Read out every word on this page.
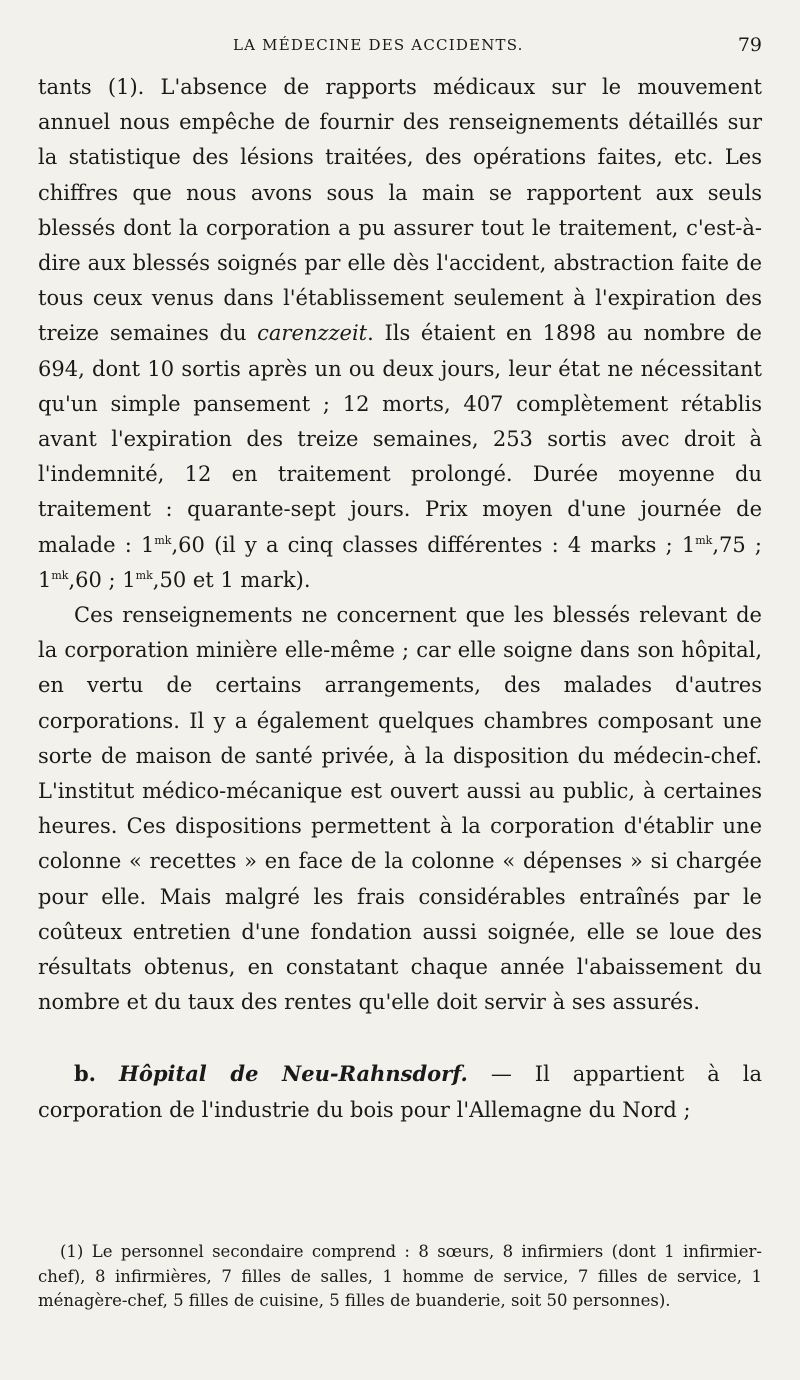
LA MÉDECINE DES ACCIDENTS.	79

tants (1). L'absence de rapports médicaux sur le mouvement annuel nous empêche de fournir des renseignements détaillés sur la statistique des lésions traitées, des opérations faites, etc. Les chiffres que nous avons sous la main se rapportent aux seuls blessés dont la corporation a pu assurer tout le traitement, c'est-à-dire aux blessés soignés par elle dès l'accident, abstraction faite de tous ceux venus dans l'établissement seulement à l'expiration des treize semaines du carenzzeit. Ils étaient en 1898 au nombre de 694, dont 10 sortis après un ou deux jours, leur état ne nécessitant qu'un simple pansement ; 12 morts, 407 complètement rétablis avant l'expiration des treize semaines, 253 sortis avec droit à l'indemnité, 12 en traitement prolongé. Durée moyenne du traitement : quarante-sept jours. Prix moyen d'une journée de malade : $1^{mk},60$ (il y a cinq classes différentes : 4 marks ; $1^{mk},75$ ; $1^{mk},60$ ; $1^{mk},50$ et 1 mark).

Ces renseignements ne concernent que les blessés relevant de la corporation minière elle-même ; car elle soigne dans son hôpital, en vertu de certains arrangements, des malades d'autres corporations. Il y a également quelques chambres composant une sorte de maison de santé privée, à la disposition du médecin-chef. L'institut médico-mécanique est ouvert aussi au public, à certaines heures. Ces dispositions permettent à la corporation d'établir une colonne « recettes » en face de la colonne « dépenses » si chargée pour elle. Mais malgré les frais considérables entraînés par le coûteux entretien d'une fondation aussi soignée, elle se loue des résultats obtenus, en constatant chaque année l'abaissement du nombre et du taux des rentes qu'elle doit servir à ses assurés.

b. Hôpital de Neu-Rahnsdorf. — Il appartient à la corporation de l'industrie du bois pour l'Allemagne du Nord ;

(1) Le personnel secondaire comprend : 8 sœurs, 8 infirmiers (dont 1 infirmier-chef), 8 infirmières, 7 filles de salles, 1 homme de service, 7 filles de service, 1 ménagère-chef, 5 filles de cuisine, 5 filles de buanderie, soit 50 personnes).
